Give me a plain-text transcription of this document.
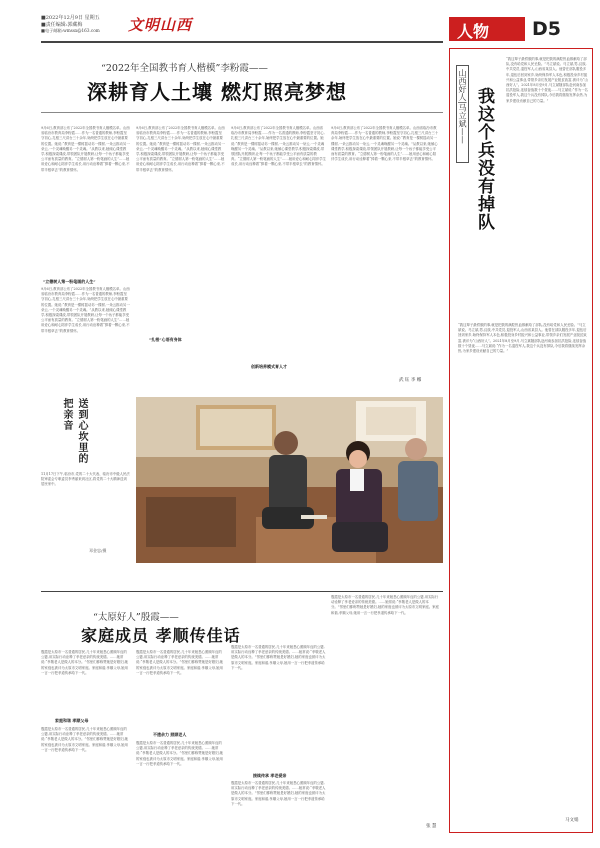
■2022年12月9日 星期五
■责任编辑:郭藏梅
■电子邮箱:wmssx@163.com 文明山西	人物 D5
“2022年全国教书育人楷模”李粉霞——
深耕育人土壤 燃灯照亮梦想
9月6日,教育部公布了2022年全国教书育人楷模名单。山西省临汾市教育局李粉霞……作为一名普通的教师,李粉霞坚守初心,扎根三尺讲台三十余年,始终把学生放在心中最重要的位置。她说:“教育是一棵树摇动另一棵树,一朵云推动另一朵云,一个灵魂唤醒另一个灵魂。”从教以来,她倾心课堂教学,积极探索课改,带领团队开展教研,让每一个孩子都能享受公平而有质量的教育。“立德树人第一粉笔画的人生”……她用爱心和耐心陪伴学生成长,用行动诠释着“捧着一颗心来,不带半根草去”的教育情怀。
“立德树人第一粉笔画的人生”
9月6日,教育部公布了2022年全国教书育人楷模名单。山西省临汾市教育局李粉霞……作为一名普通的教师,李粉霞坚守初心,扎根三尺讲台三十余年,始终把学生放在心中最重要的位置。她说:“教育是一棵树摇动另一棵树,一朵云推动另一朵云,一个灵魂唤醒另一个灵魂。”从教以来,她倾心课堂教学,积极探索课改,带领团队开展教研,让每一个孩子都能享受公平而有质量的教育。“立德树人第一粉笔画的人生”……她用爱心和耐心陪伴学生成长,用行动诠释着“捧着一颗心来,不带半根草去”的教育情怀。
9月6日,教育部公布了2022年全国教书育人楷模名单。山西省临汾市教育局李粉霞……作为一名普通的教师,李粉霞坚守初心,扎根三尺讲台三十余年,始终把学生放在心中最重要的位置。她说:“教育是一棵树摇动另一棵树,一朵云推动另一朵云,一个灵魂唤醒另一个灵魂。”从教以来,她倾心课堂教学,积极探索课改,带领团队开展教研,让每一个孩子都能享受公平而有质量的教育。“立德树人第一粉笔画的人生”……她用爱心和耐心陪伴学生成长,用行动诠释着“捧着一颗心来,不带半根草去”的教育情怀。
“扎根”心语有身体
9月6日,教育部公布了2022年全国教书育人楷模名单。山西省临汾市教育局李粉霞……作为一名普通的教师,李粉霞坚守初心,扎根三尺讲台三十余年,始终把学生放在心中最重要的位置。她说:“教育是一棵树摇动另一棵树,一朵云推动另一朵云,一个灵魂唤醒另一个灵魂。”从教以来,她倾心课堂教学,积极探索课改,带领团队开展教研,让每一个孩子都能享受公平而有质量的教育。“立德树人第一粉笔画的人生”……她用爱心和耐心陪伴学生成长,用行动诠释着“捧着一颗心来,不带半根草去”的教育情怀。
创新培养模式育人才
9月6日,教育部公布了2022年全国教书育人楷模名单。山西省临汾市教育局李粉霞……作为一名普通的教师,李粉霞坚守初心,扎根三尺讲台三十余年,始终把学生放在心中最重要的位置。她说:“教育是一棵树摇动另一棵树,一朵云推动另一朵云,一个灵魂唤醒另一个灵魂。”从教以来,她倾心课堂教学,积极探索课改,带领团队开展教研,让每一个孩子都能享受公平而有质量的教育。“立德树人第一粉笔画的人生”……她用爱心和耐心陪伴学生成长,用行动诠释着“捧着一颗心来,不带半根草去”的教育情怀。
武 钰 李 娜
送到心坎里的把亲音
11月17日下午,临汾市,党的二十大代表、临汾市中级人民法院审委会专职委员李秀丽来到社区,将党的二十大精神送到居民家中。
邓金忠/摄
“太原好人”殷霞——
家庭成员 孝顺传佳话
殷霞是太原市一名普通的居民,几十年来她悉心照顾年迈的公婆,用实际行动诠释了孝老爱亲的传统美德。……她常说:“孝敬老人是做人的本分。”邻里们都称赞她是好媳妇,她的家庭也被评为太原市文明家庭。家庭和谐,孝顺父母,她用一言一行把孝道传承给下一代。
家庭和谐 孝顺父母
殷霞是太原市一名普通的居民,几十年来她悉心照顾年迈的公婆,用实际行动诠释了孝老爱亲的传统美德。……她常说:“孝敬老人是做人的本分。”邻里们都称赞她是好媳妇,她的家庭也被评为太原市文明家庭。家庭和谐,孝顺父母,她用一言一行把孝道传承给下一代。
殷霞是太原市一名普通的居民,几十年来她悉心照顾年迈的公婆,用实际行动诠释了孝老爱亲的传统美德。……她常说:“孝敬老人是做人的本分。”邻里们都称赞她是好媳妇,她的家庭也被评为太原市文明家庭。家庭和谐,孝顺父母,她用一言一行把孝道传承给下一代。
不遗余力 照顾老人
殷霞是太原市一名普通的居民,几十年来她悉心照顾年迈的公婆,用实际行动诠释了孝老爱亲的传统美德。……她常说:“孝敬老人是做人的本分。”邻里们都称赞她是好媳妇,她的家庭也被评为太原市文明家庭。家庭和谐,孝顺父母,她用一言一行把孝道传承给下一代。
殷霞是太原市一名普通的居民,几十年来她悉心照顾年迈的公婆,用实际行动诠释了孝老爱亲的传统美德。……她常说:“孝敬老人是做人的本分。”邻里们都称赞她是好媳妇,她的家庭也被评为太原市文明家庭。家庭和谐,孝顺父母,她用一言一行把孝道传承给下一代。
接续传承 孝老爱亲
殷霞是太原市一名普通的居民,几十年来她悉心照顾年迈的公婆,用实际行动诠释了孝老爱亲的传统美德。……她常说:“孝敬老人是做人的本分。”邻里们都称赞她是好媳妇,她的家庭也被评为太原市文明家庭。家庭和谐,孝顺父母,她用一言一行把孝道传承给下一代。
殷霞是太原市一名普通的居民,几十年来她悉心照顾年迈的公婆,用实际行动诠释了孝老爱亲的传统美德。……她常说:“孝敬老人是做人的本分。”邻里们都称赞她是好媳妇,她的家庭也被评为太原市文明家庭。家庭和谐,孝顺父母,她用一言一行把孝道传承给下一代。
张 慧
山西好人|马立斌—— 我这个兵没有掉队
“我这辈子最骄傲的事,就是把我的满腔热血都献给了部队,没有给党和人民丢脸。”马立斌说。马立斌,男,汉族,中共党员,退役军人,山西省某县人。他曾在部队服役多年,退伍后回到家乡,始终保持军人本色,积极投身乡村振兴和公益事业,带领乡亲们发展产业脱贫致富,被评为“山西好人”。2021年8月至9月,马立斌随部队赴河南参加抗洪抢险,连续奋战数十个昼夜……马立斌说:“作为一名退役军人,我这个兵没有掉队,今后我将继续发挥余热,为家乡建设贡献自己的力量。”
“我这辈子最骄傲的事,就是把我的满腔热血都献给了部队,没有给党和人民丢脸。”马立斌说。马立斌,男,汉族,中共党员,退役军人,山西省某县人。他曾在部队服役多年,退伍后回到家乡,始终保持军人本色,积极投身乡村振兴和公益事业,带领乡亲们发展产业脱贫致富,被评为“山西好人”。2021年8月至9月,马立斌随部队赴河南参加抗洪抢险,连续奋战数十个昼夜……马立斌说:“作为一名退役军人,我这个兵没有掉队,今后我将继续发挥余热,为家乡建设贡献自己的力量。”
马文娟
